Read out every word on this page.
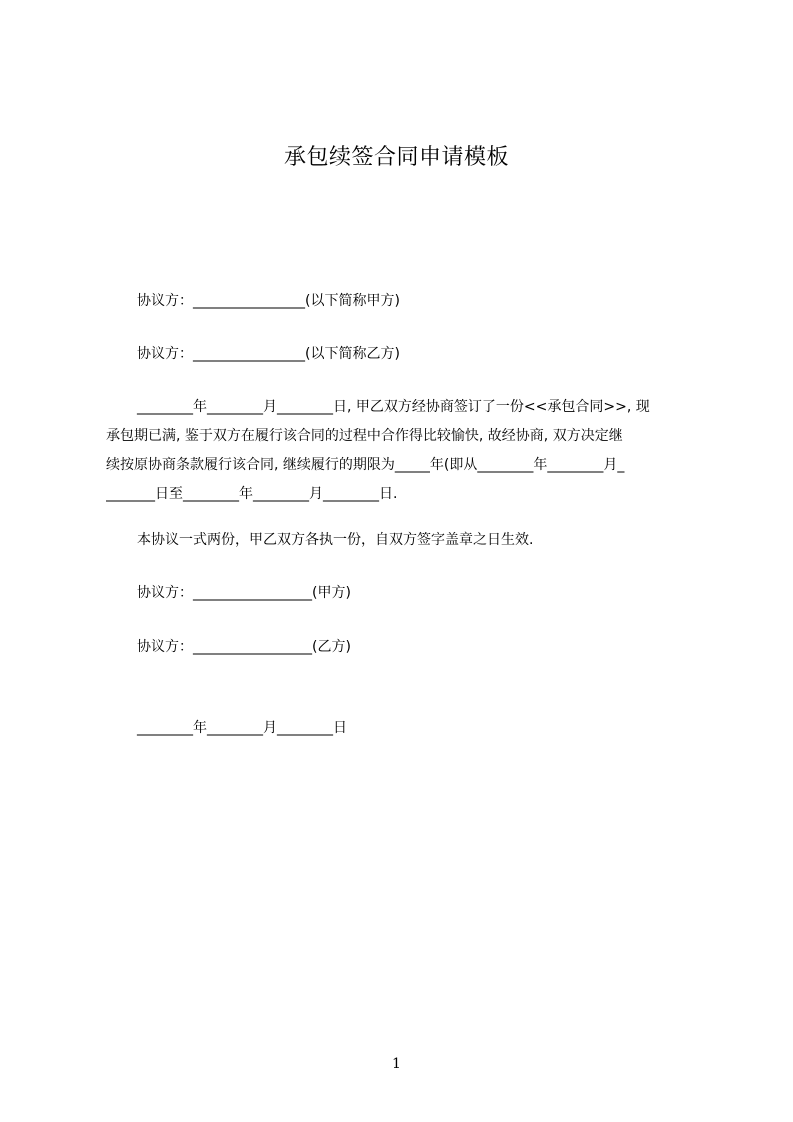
承包续签合同申请模板
协议方：________________(以下简称甲方)
协议方：________________(以下简称乙方)
________年________月________日, 甲乙双方经协商签订了一份<<承包合同>>, 现
承包期已满, 鉴于双方在履行该合同的过程中合作得比较愉快, 故经协商, 双方决定继
续按原协商条款履行该合同, 继续履行的期限为_____年(即从________年________月_
_______日至________年________月________日.
本协议一式两份，甲乙双方各执一份，自双方签字盖章之日生效.
协议方：_________________(甲方)
协议方：_________________(乙方)
________年________月________日
1
